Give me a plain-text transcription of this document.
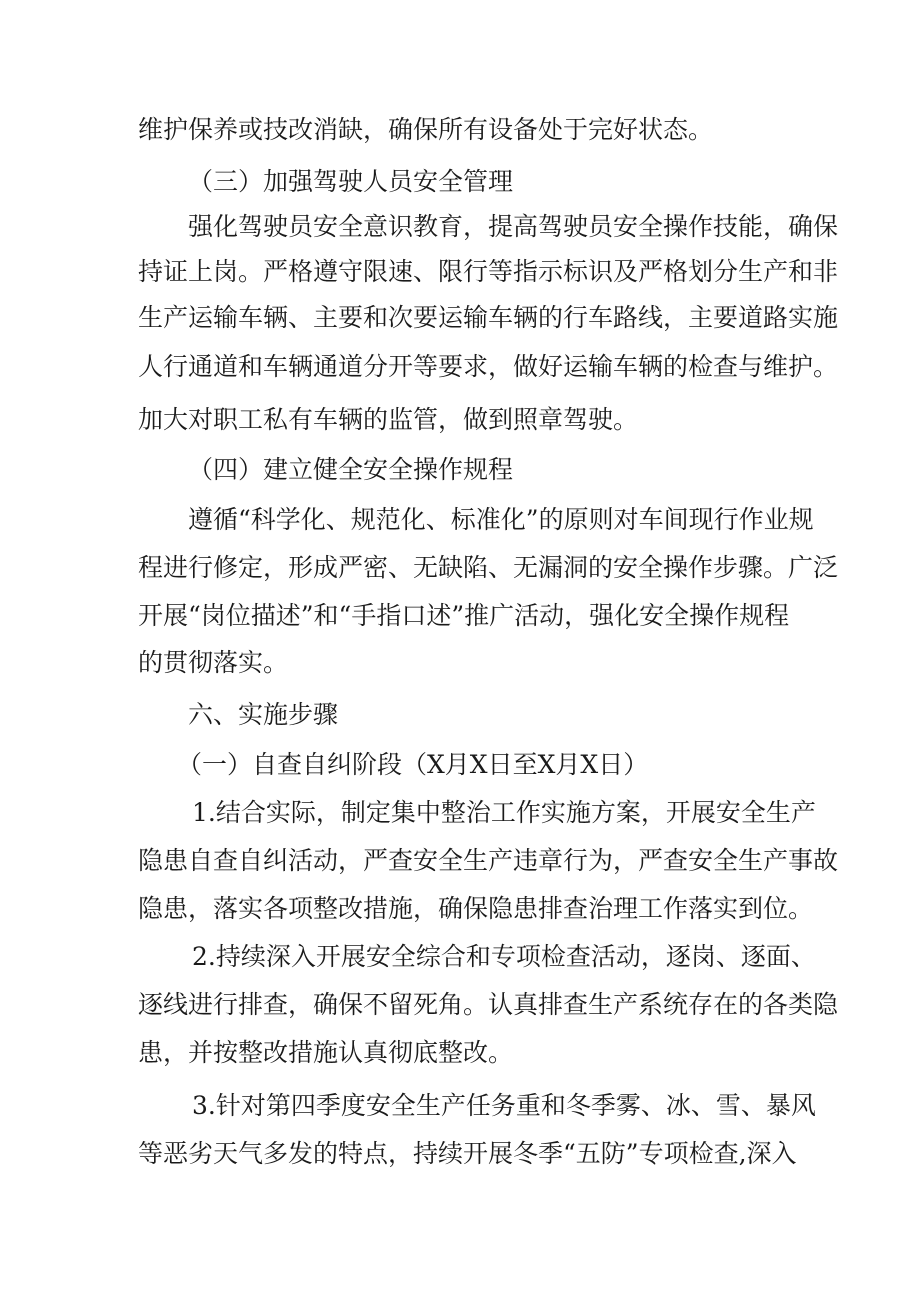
维护保养或技改消缺，确保所有设备处于完好状态。
（三）加强驾驶人员安全管理
强化驾驶员安全意识教育，提高驾驶员安全操作技能，确保
持证上岗。严格遵守限速、限行等指示标识及严格划分生产和非
生产运输车辆、主要和次要运输车辆的行车路线，主要道路实施
人行通道和车辆通道分开等要求，做好运输车辆的检查与维护。
加大对职工私有车辆的监管，做到照章驾驶。
（四）建立健全安全操作规程
遵循“科学化、规范化、标准化”的原则对车间现行作业规
程进行修定，形成严密、无缺陷、无漏洞的安全操作步骤。广泛
开展“岗位描述”和“手指口述”推广活动，强化安全操作规程
的贯彻落实。
六、实施步骤
（一）自查自纠阶段（X月X日至X月X日）
1.结合实际，制定集中整治工作实施方案，开展安全生产
隐患自查自纠活动，严查安全生产违章行为，严查安全生产事故
隐患，落实各项整改措施，确保隐患排查治理工作落实到位。
2.持续深入开展安全综合和专项检查活动，逐岗、逐面、
逐线进行排查，确保不留死角。认真排查生产系统存在的各类隐
患，并按整改措施认真彻底整改。
3.针对第四季度安全生产任务重和冬季雾、冰、雪、暴风
等恶劣天气多发的特点，持续开展冬季“五防”专项检查,深入
